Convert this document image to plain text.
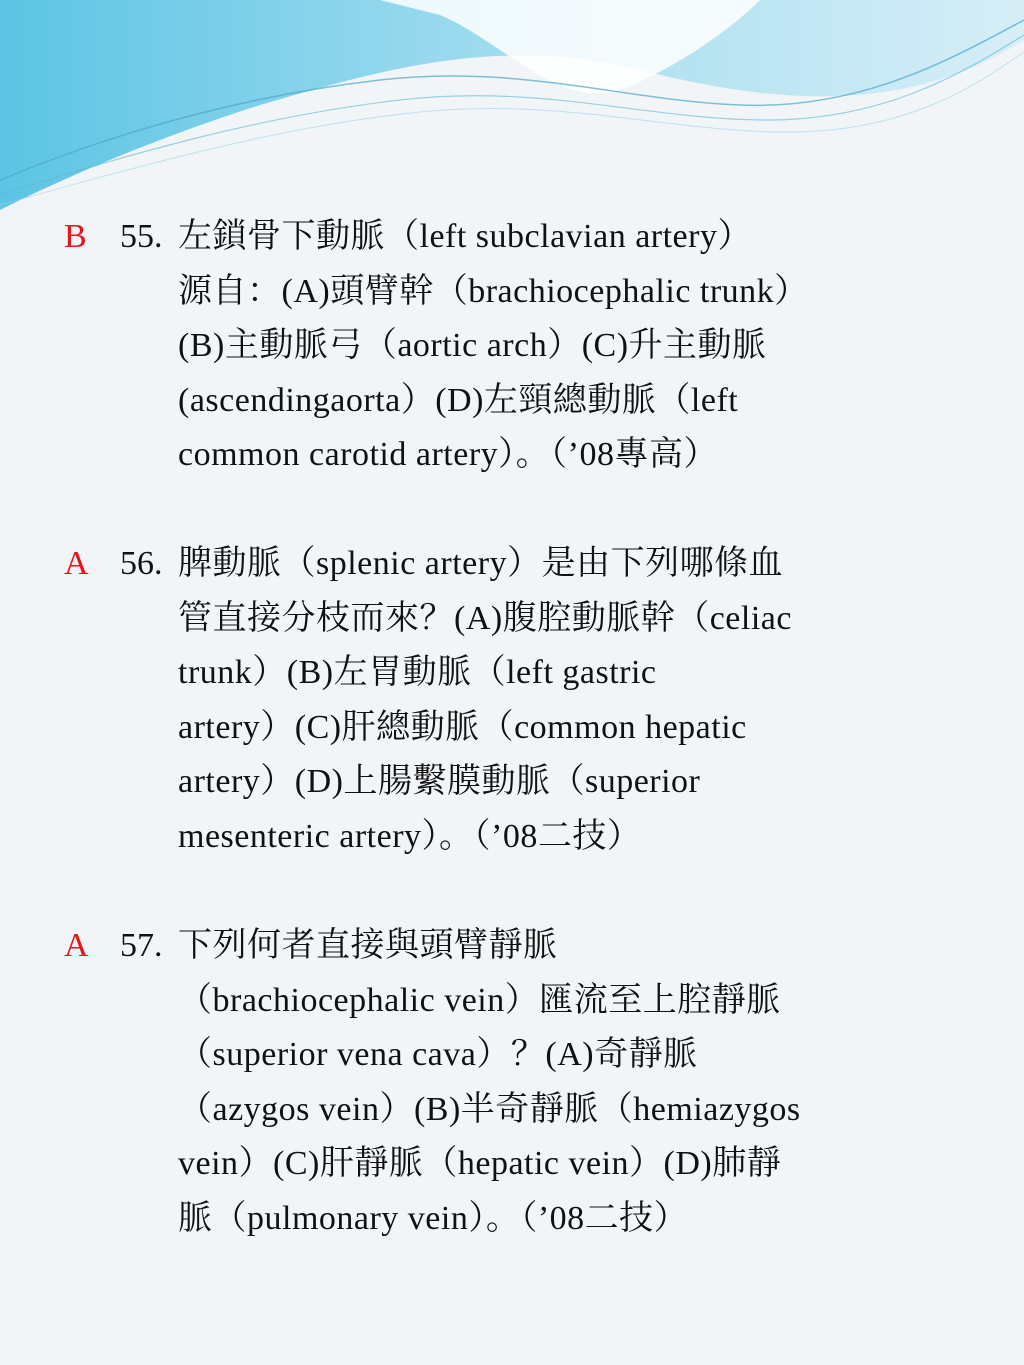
B 55. 左鎖骨下動脈（left subclavian artery）
源自：(A)頭臂幹（brachiocephalic trunk）
(B)主動脈弓（aortic arch）(C)升主動脈
(ascendingaorta）(D)左頸總動脈（left
common carotid artery）。（’08專高）
A 56. 脾動脈（splenic artery）是由下列哪條血
管直接分枝而來？(A)腹腔動脈幹（celiac
trunk）(B)左胃動脈（left gastric
artery）(C)肝總動脈（common hepatic
artery）(D)上腸繫膜動脈（superior
mesenteric artery）。（’08二技）
A 57. 下列何者直接與頭臂靜脈
（brachiocephalic vein）匯流至上腔靜脈
（superior vena cava）？(A)奇靜脈
（azygos vein）(B)半奇靜脈（hemiazygos
vein）(C)肝靜脈（hepatic vein）(D)肺靜
脈（pulmonary vein）。（’08二技）
